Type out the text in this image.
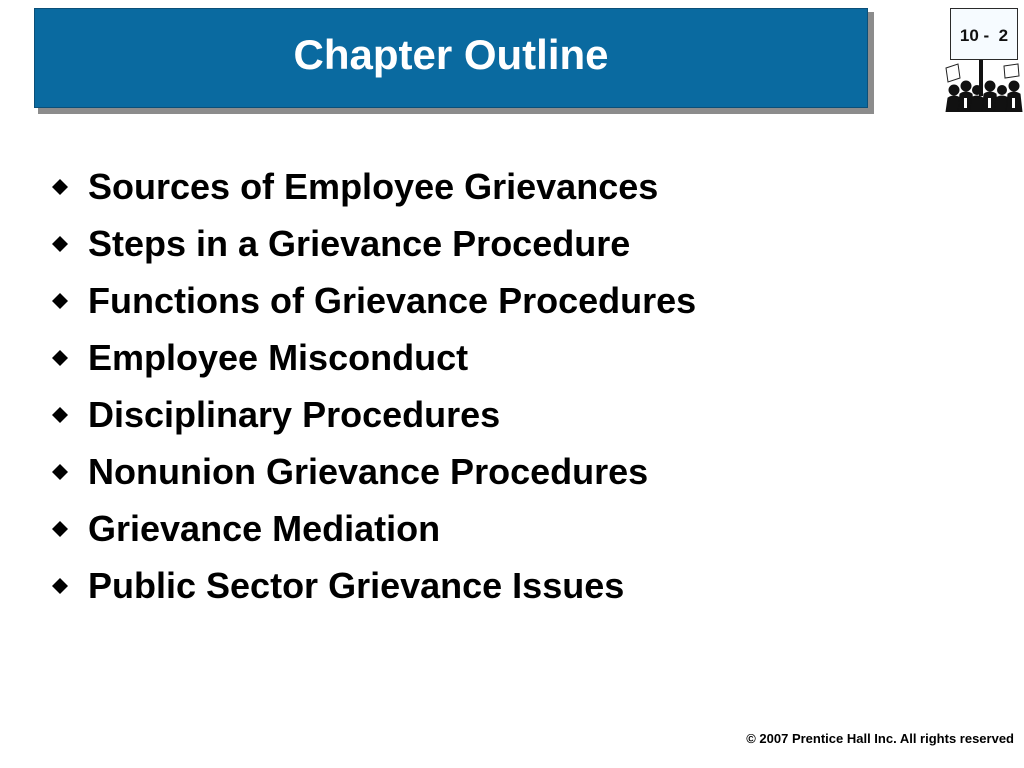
Chapter Outline	10 -  2
Sources of Employee Grievances
Steps in a Grievance Procedure
Functions of Grievance Procedures
Employee Misconduct
Disciplinary Procedures
Nonunion Grievance Procedures
Grievance Mediation
Public Sector Grievance Issues
© 2007 Prentice Hall Inc. All rights reserved
